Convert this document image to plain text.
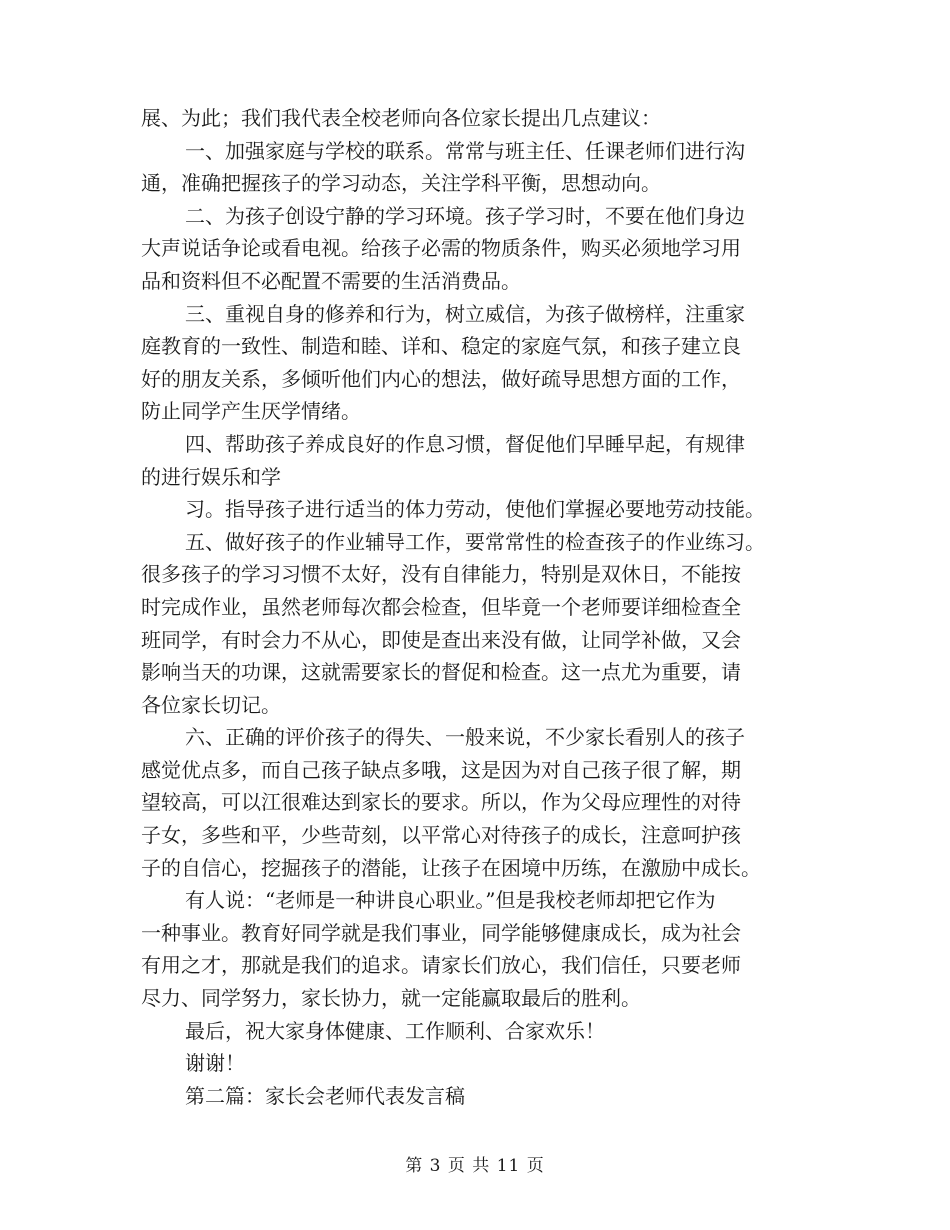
展、为此；我们我代表全校老师向各位家长提出几点建议：
一、加强家庭与学校的联系。常常与班主任、任课老师们进行沟
通，准确把握孩子的学习动态，关注学科平衡，思想动向。
二、为孩子创设宁静的学习环境。孩子学习时，不要在他们身边
大声说话争论或看电视。给孩子必需的物质条件，购买必须地学习用
品和资料但不必配置不需要的生活消费品。
三、重视自身的修养和行为，树立威信，为孩子做榜样，注重家
庭教育的一致性、制造和睦、详和、稳定的家庭气氛，和孩子建立良
好的朋友关系，多倾听他们内心的想法，做好疏导思想方面的工作，
防止同学产生厌学情绪。
四、帮助孩子养成良好的作息习惯，督促他们早睡早起，有规律
的进行娱乐和学
习。指导孩子进行适当的体力劳动，使他们掌握必要地劳动技能。
五、做好孩子的作业辅导工作，要常常性的检查孩子的作业练习。
很多孩子的学习习惯不太好，没有自律能力，特别是双休日，不能按
时完成作业，虽然老师每次都会检查，但毕竟一个老师要详细检查全
班同学，有时会力不从心，即使是查出来没有做，让同学补做，又会
影响当天的功课，这就需要家长的督促和检查。这一点尤为重要，请
各位家长切记。
六、正确的评价孩子的得失、一般来说，不少家长看别人的孩子
感觉优点多，而自己孩子缺点多哦，这是因为对自己孩子很了解，期
望较高，可以江很难达到家长的要求。所以，作为父母应理性的对待
子女，多些和平，少些苛刻，以平常心对待孩子的成长，注意呵护孩
子的自信心，挖掘孩子的潜能，让孩子在困境中历练，在激励中成长。
有人说：“老师是一种讲良心职业。”但是我校老师却把它作为
一种事业。教育好同学就是我们事业，同学能够健康成长，成为社会
有用之才，那就是我们的追求。请家长们放心，我们信任，只要老师
尽力、同学努力，家长协力，就一定能赢取最后的胜利。
最后，祝大家身体健康、工作顺利、合家欢乐！
谢谢！
第二篇：家长会老师代表发言稿
第 3 页 共 11 页
